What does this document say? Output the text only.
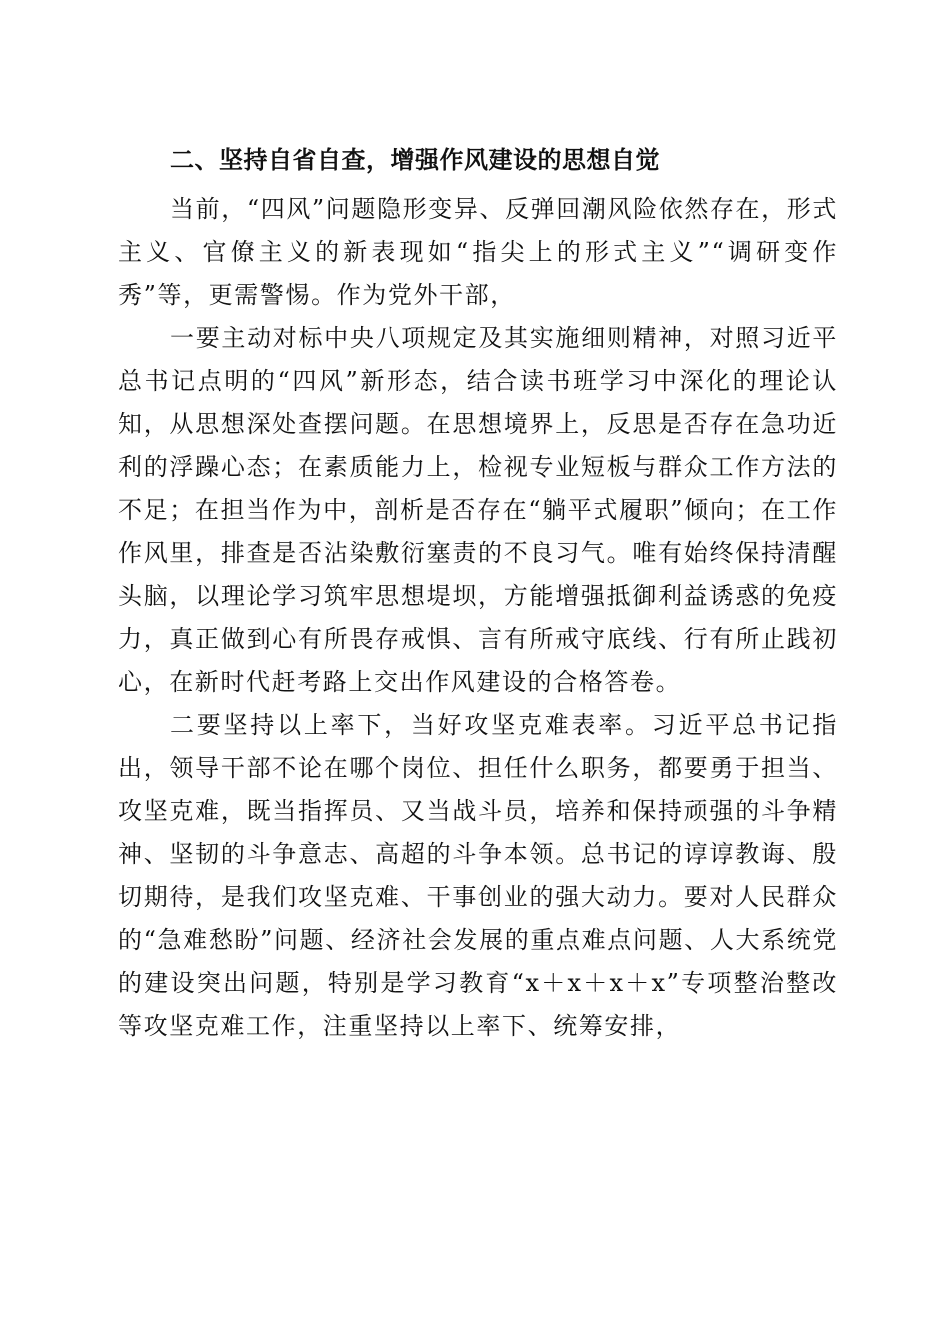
二、坚持自省自查，增强作风建设的思想自觉

当前，“四风”问题隐形变异、反弹回潮风险依然存在，形式主义、官僚主义的新表现如“指尖上的形式主义”“调研变作秀”等，更需警惕。作为党外干部，

一要主动对标中央八项规定及其实施细则精神，对照习近平总书记点明的“四风”新形态，结合读书班学习中深化的理论认知，从思想深处查摆问题。在思想境界上，反思是否存在急功近利的浮躁心态；在素质能力上，检视专业短板与群众工作方法的不足；在担当作为中，剖析是否存在“躺平式履职”倾向；在工作作风里，排查是否沾染敷衍塞责的不良习气。唯有始终保持清醒头脑，以理论学习筑牢思想堤坝，方能增强抵御利益诱惑的免疫力，真正做到心有所畏存戒惧、言有所戒守底线、行有所止践初心，在新时代赶考路上交出作风建设的合格答卷。

二要坚持以上率下，当好攻坚克难表率。习近平总书记指出，领导干部不论在哪个岗位、担任什么职务，都要勇于担当、攻坚克难，既当指挥员、又当战斗员，培养和保持顽强的斗争精神、坚韧的斗争意志、高超的斗争本领。总书记的谆谆教诲、殷切期待，是我们攻坚克难、干事创业的强大动力。要对人民群众的“急难愁盼”问题、经济社会发展的重点难点问题、人大系统党的建设突出问题，特别是学习教育“x＋x＋x＋x”专项整治整改等攻坚克难工作，注重坚持以上率下、统筹安排，
